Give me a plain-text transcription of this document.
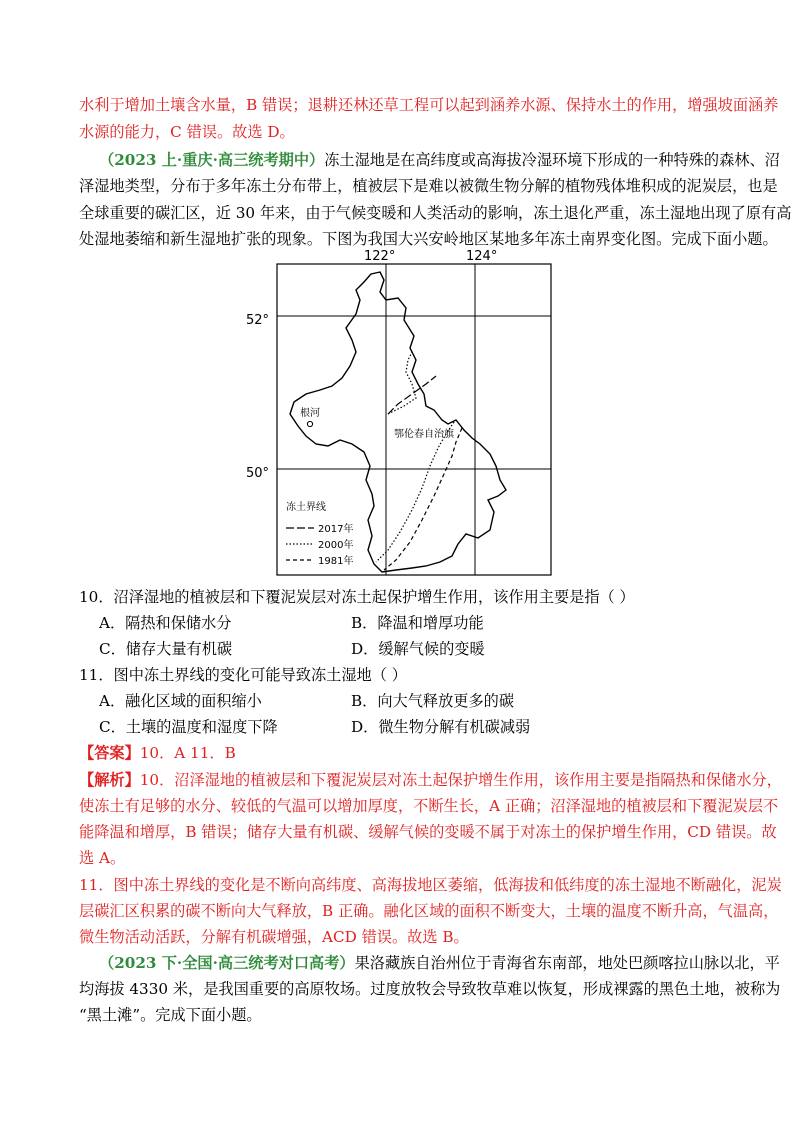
水利于增加土壤含水量，B 错误；退耕还林还草工程可以起到涵养水源、保持水土的作用，增强坡面涵养
水源的能力，C 错误。故选 D。
（2023 上·重庆·高三统考期中）冻土湿地是在高纬度或高海拔冷湿环境下形成的一种特殊的森林、沼
泽湿地类型，分布于多年冻土分布带上，植被层下是难以被微生物分解的植物残体堆积成的泥炭层，也是
全球重要的碳汇区，近 30 年来，由于气候变暖和人类活动的影响，冻土退化严重，冻土湿地出现了原有高
处湿地萎缩和新生湿地扩张的现象。下图为我国大兴安岭地区某地多年冻土南界变化图。完成下面小题。
122°	124°
52°
50°
根河
鄂伦春自治旗
冻土界线
2017年
2000年
1981年
10．沼泽湿地的植被层和下覆泥炭层对冻土起保护增生作用，该作用主要是指（ ）
A．隔热和保储水分	B．降温和增厚功能
C．储存大量有机碳	D．缓解气候的变暖
11．图中冻土界线的变化可能导致冻土湿地（ ）
A．融化区域的面积缩小	B．向大气释放更多的碳
C．土壤的温度和湿度下降	D．微生物分解有机碳减弱
【答案】10．A 11．B
【解析】10．沼泽湿地的植被层和下覆泥炭层对冻土起保护增生作用，该作用主要是指隔热和保储水分，
使冻土有足够的水分、较低的气温可以增加厚度，不断生长，A 正确；沼泽湿地的植被层和下覆泥炭层不
能降温和增厚，B 错误；储存大量有机碳、缓解气候的变暖不属于对冻土的保护增生作用，CD 错误。故
选 A。
11．图中冻土界线的变化是不断向高纬度、高海拔地区萎缩，低海拔和低纬度的冻土湿地不断融化，泥炭
层碳汇区积累的碳不断向大气释放，B 正确。融化区域的面积不断变大，土壤的温度不断升高，气温高，
微生物活动活跃，分解有机碳增强，ACD 错误。故选 B。
（2023 下·全国·高三统考对口高考）果洛藏族自治州位于青海省东南部，地处巴颜喀拉山脉以北，平
均海拔 4330 米，是我国重要的高原牧场。过度放牧会导致牧草难以恢复，形成裸露的黑色土地，被称为
“黑土滩”。完成下面小题。
